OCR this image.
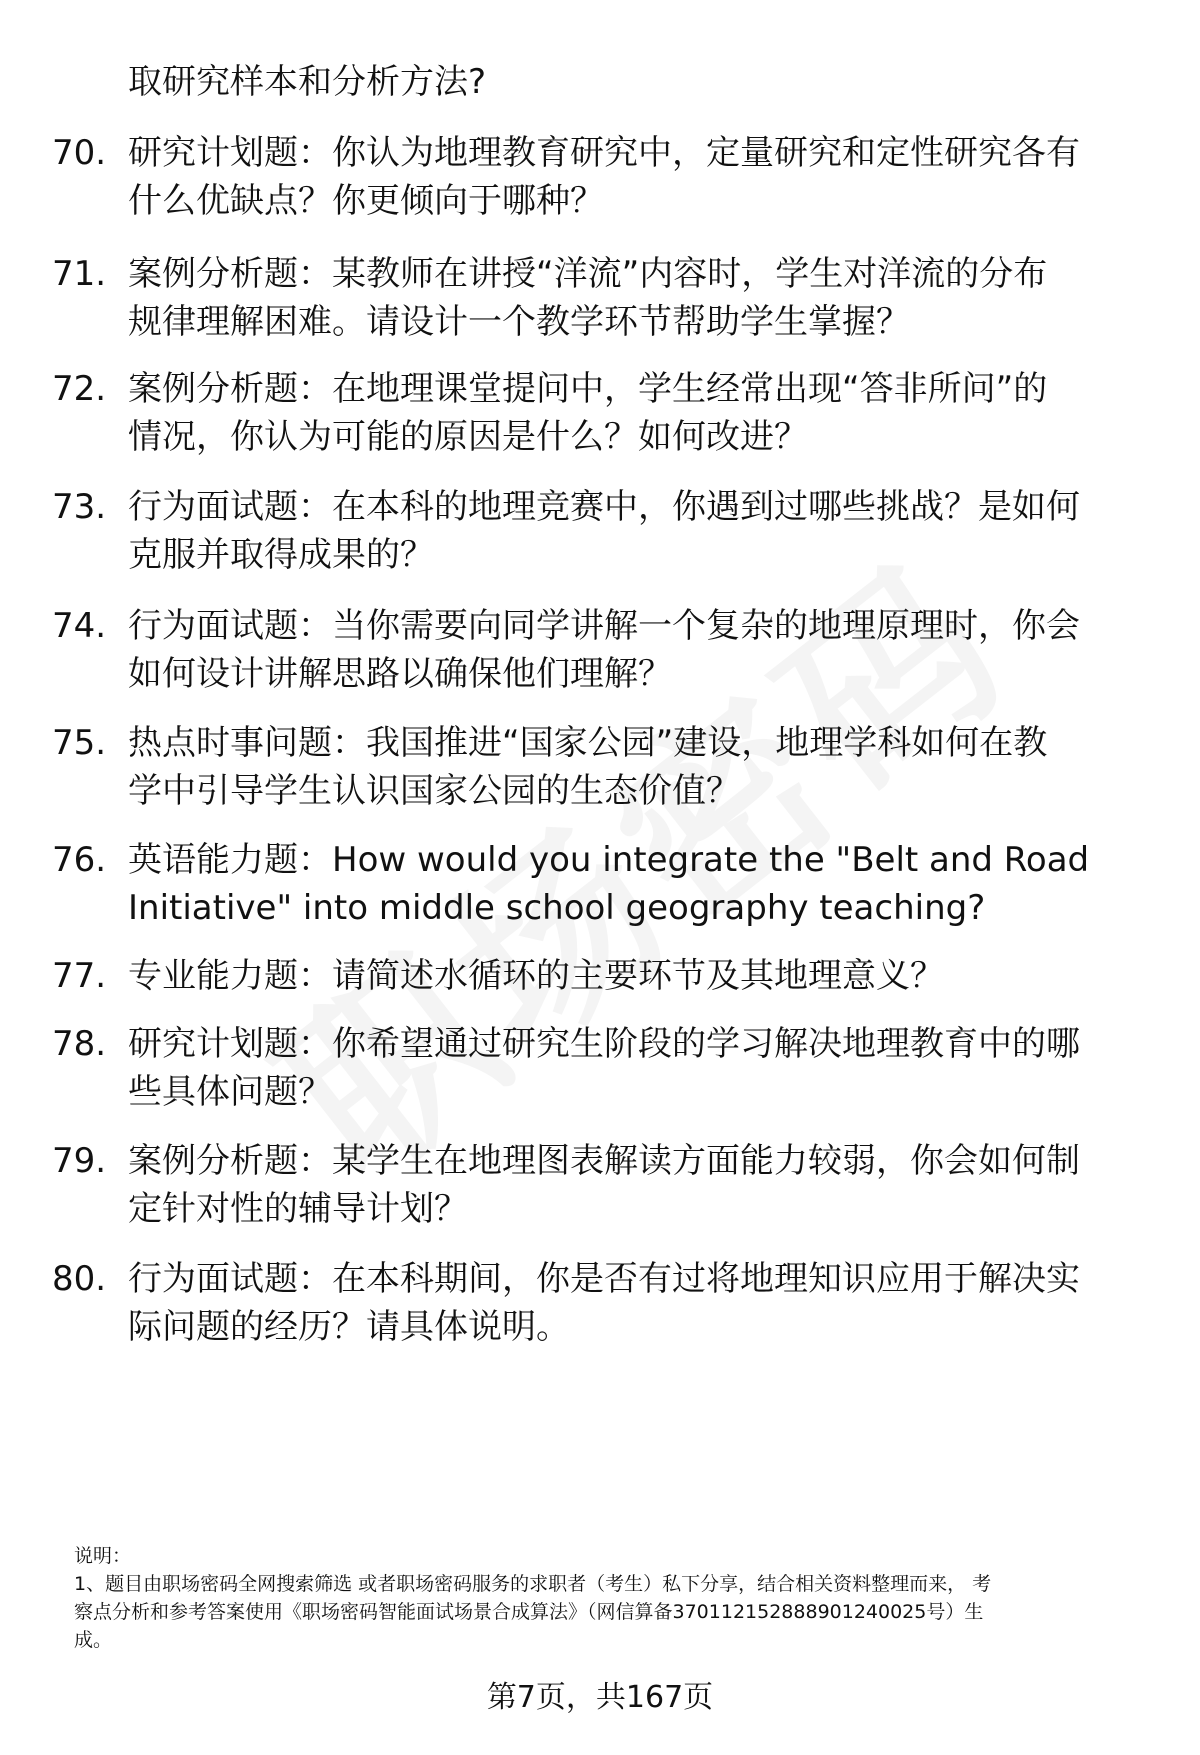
取研究样本和分析方法?
70. 研究计划题：你认为地理教育研究中，定量研究和定性研究各有
什么优缺点？你更倾向于哪种？
71. 案例分析题：某教师在讲授“洋流”内容时，学生对洋流的分布
规律理解困难。请设计一个教学环节帮助学生掌握？
72. 案例分析题：在地理课堂提问中，学生经常出现“答非所问”的
情况，你认为可能的原因是什么？如何改进？
73. 行为面试题：在本科的地理竞赛中，你遇到过哪些挑战？是如何
克服并取得成果的？
74. 行为面试题：当你需要向同学讲解一个复杂的地理原理时，你会
如何设计讲解思路以确保他们理解？
75. 热点时事问题：我国推进“国家公园”建设，地理学科如何在教
学中引导学生认识国家公园的生态价值？
76. 英语能力题：How would you integrate the "Belt and Road
Initiative" into middle school geography teaching?
77. 专业能力题：请简述水循环的主要环节及其地理意义？
78. 研究计划题：你希望通过研究生阶段的学习解决地理教育中的哪
些具体问题？
79. 案例分析题：某学生在地理图表解读方面能力较弱，你会如何制
定针对性的辅导计划？
80. 行为面试题：在本科期间，你是否有过将地理知识应用于解决实
际问题的经历？请具体说明。
说明：
1、题目由职场密码全网搜索筛选 或者职场密码服务的求职者（考生）私下分享，结合相关资料整理而来， 考
察点分析和参考答案使用《职场密码智能面试场景合成算法》（网信算备370112152888901240025号）生
成。
第7页，共167页
